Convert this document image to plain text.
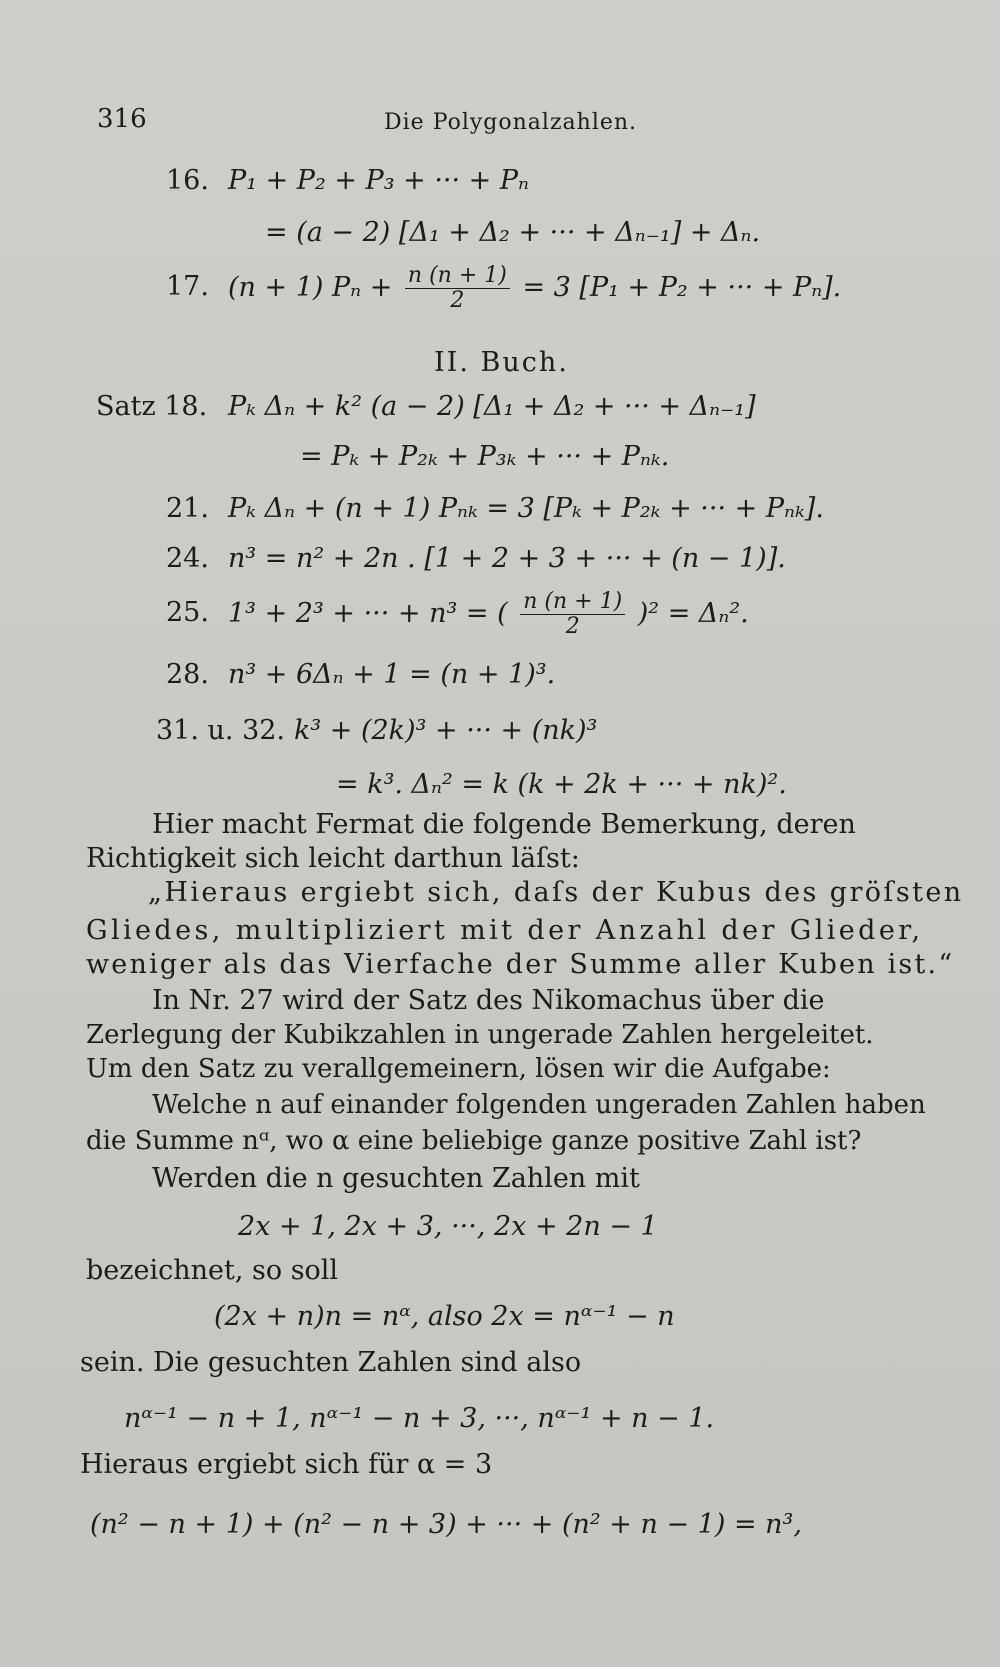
316	Die Polygonalzahlen.
16. P₁ + P₂ + P₃ + ··· + Pₙ
= (a − 2) [Δ₁ + Δ₂ + ··· + Δₙ₋₁] + Δₙ.
17. (n + 1) $P_n + \frac{n (n + 1)}{2} = 3$ [P₁ + P₂ + ··· + Pₙ].
II. Buch.
Satz 18. Pₖ Δₙ + k² (a − 2) [Δ₁ + Δ₂ + ··· + Δₙ₋₁]
= Pₖ + P₂ₖ + P₃ₖ + ··· + Pₙₖ.
21. Pₖ Δₙ + (n + 1) Pₙₖ = 3 [Pₖ + P₂ₖ + ··· + Pₙₖ].
24. n³ = n² + 2n . [1 + 2 + 3 + ··· + (n − 1)].
25. 1³ + 2³ + ··· + n³ = ( $\frac{n (n + 1)}{2} )^2 = \Delta_n^2$.
28. n³ + 6Δₙ + 1 = (n + 1)³.
31. u. 32. k³ + (2k)³ + ··· + (nk)³
= k³. Δₙ² = k (k + 2k + ··· + nk)².
Hier macht Fermat die folgende Bemerkung, deren
Richtigkeit sich leicht darthun läſst:
„Hieraus ergiebt sich, daſs der Kubus des gröſsten
Gliedes, multipliziert mit der Anzahl der Glieder,
weniger als das Vierfache der Summe aller Kuben ist.“
In Nr. 27 wird der Satz des Nikomachus über die
Zerlegung der Kubikzahlen in ungerade Zahlen hergeleitet.
Um den Satz zu verallgemeinern, lösen wir die Aufgabe:
Welche n auf einander folgenden ungeraden Zahlen haben
die Summe nᵅ, wo α eine beliebige ganze positive Zahl ist?
Werden die n gesuchten Zahlen mit
2x + 1, 2x + 3, ···, 2x + 2n − 1
bezeichnet, so soll
(2x + n)n = nᵅ, also 2x = nᵅ⁻¹ − n
sein. Die gesuchten Zahlen sind also
nᵅ⁻¹ − n + 1, nᵅ⁻¹ − n + 3, ···, nᵅ⁻¹ + n − 1.
Hieraus ergiebt sich für α = 3
(n² − n + 1) + (n² − n + 3) + ··· + (n² + n − 1) = n³,
